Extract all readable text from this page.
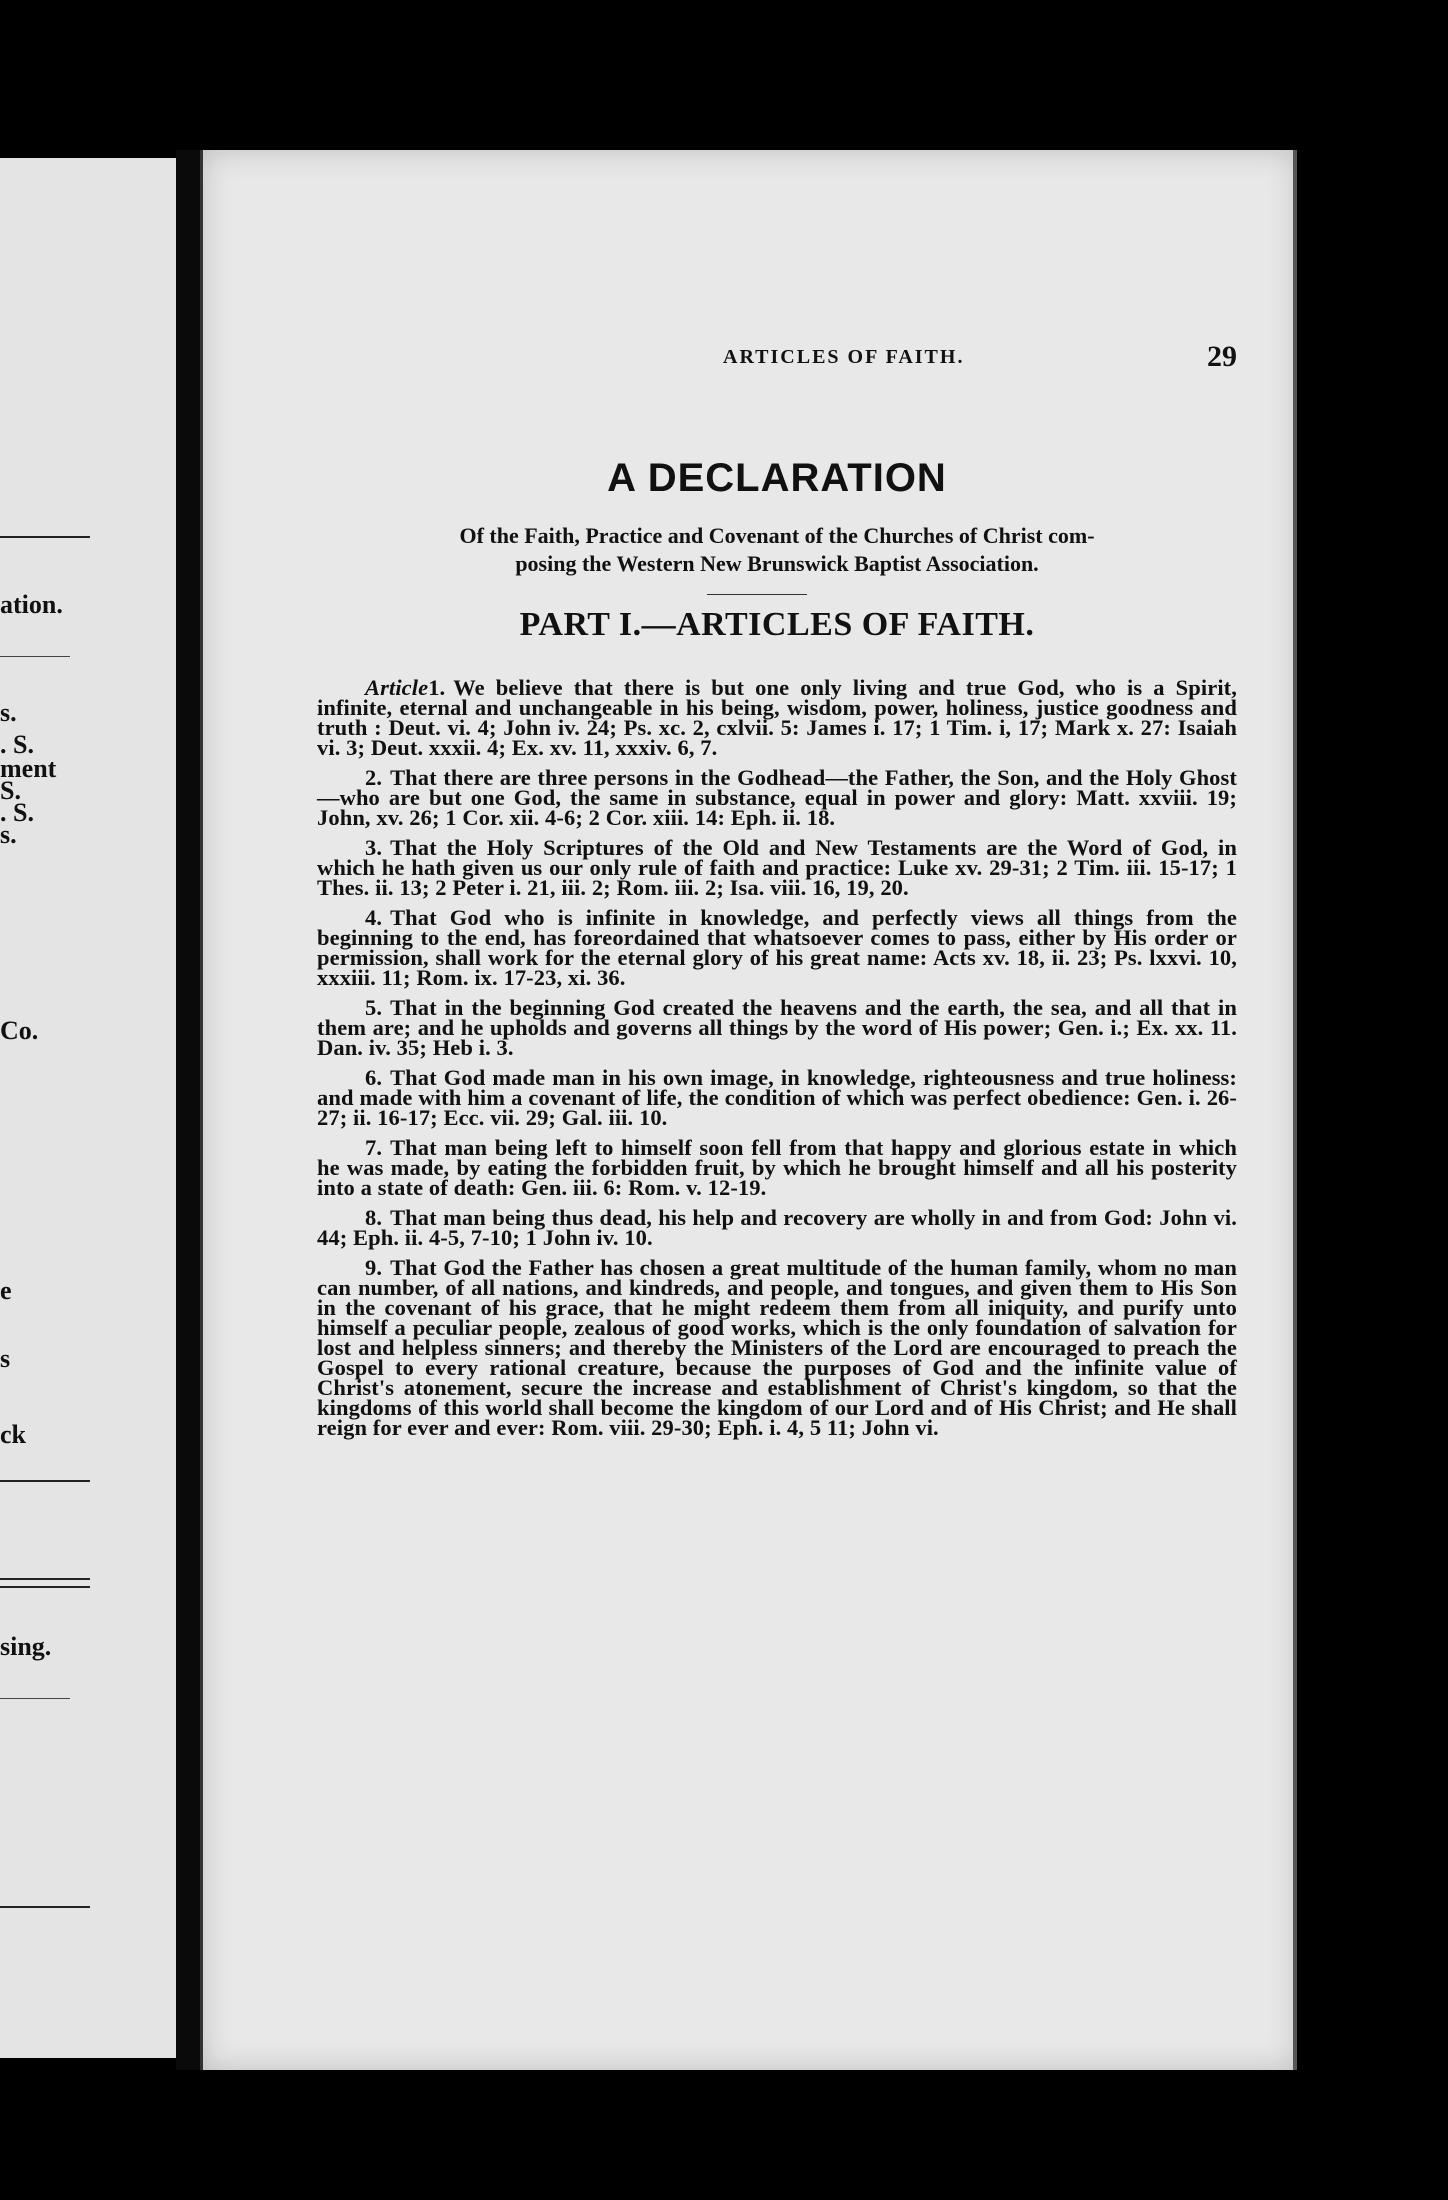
ation.
s.
. S.
ment
S.
. S.
s.
Co.
e
s
ck
sing.
ARTICLES OF FAITH.	29
A DECLARATION
Of the Faith, Practice and Covenant of the Churches of Christ com-
posing the Western New Brunswick Baptist Association.
PART I.—ARTICLES OF FAITH.

Article1. We believe that there is but one only living and true God, who is a Spirit, infinite, eternal and unchangeable in his being, wisdom, power, holiness, justice goodness and truth : Deut. vi. 4; John iv. 24; Ps. xc. 2, cxlvii. 5: James i. 17; 1 Tim. i, 17; Mark x. 27: Isaiah vi. 3; Deut. xxxii. 4; Ex. xv. 11, xxxiv. 6, 7.

2. That there are three persons in the Godhead—the Father, the Son, and the Holy Ghost—who are but one God, the same in substance, equal in power and glory: Matt. xxviii. 19; John, xv. 26; 1 Cor. xii. 4-6; 2 Cor. xiii. 14: Eph. ii. 18.

3. That the Holy Scriptures of the Old and New Testaments are the Word of God, in which he hath given us our only rule of faith and practice: Luke xv. 29-31; 2 Tim. iii. 15-17; 1 Thes. ii. 13; 2 Peter i. 21, iii. 2; Rom. iii. 2; Isa. viii. 16, 19, 20.

4. That God who is infinite in knowledge, and perfectly views all things from the beginning to the end, has foreordained that whatsoever comes to pass, either by His order or permission, shall work for the eternal glory of his great name: Acts xv. 18, ii. 23; Ps. lxxvi. 10, xxxiii. 11; Rom. ix. 17-23, xi. 36.

5. That in the beginning God created the heavens and the earth, the sea, and all that in them are; and he upholds and governs all things by the word of His power; Gen. i.; Ex. xx. 11. Dan. iv. 35; Heb i. 3.

6. That God made man in his own image, in knowledge, righteousness and true holiness: and made with him a covenant of life, the condition of which was perfect obedience: Gen. i. 26-27; ii. 16-17; Ecc. vii. 29; Gal. iii. 10.

7. That man being left to himself soon fell from that happy and glorious estate in which he was made, by eating the forbidden fruit, by which he brought himself and all his posterity into a state of death: Gen. iii. 6: Rom. v. 12-19.

8. That man being thus dead, his help and recovery are wholly in and from God: John vi. 44; Eph. ii. 4-5, 7-10; 1 John iv. 10.

9. That God the Father has chosen a great multitude of the human family, whom no man can number, of all nations, and kindreds, and people, and tongues, and given them to His Son in the covenant of his grace, that he might redeem them from all iniquity, and purify unto himself a peculiar people, zealous of good works, which is the only foundation of salvation for lost and helpless sinners; and thereby the Ministers of the Lord are encouraged to preach the Gospel to every rational creature, because the purposes of God and the infinite value of Christ's atonement, secure the increase and establishment of Christ's kingdom, so that the kingdoms of this world shall become the kingdom of our Lord and of His Christ; and He shall reign for ever and ever: Rom. viii. 29-30; Eph. i. 4, 5 11; John vi.
